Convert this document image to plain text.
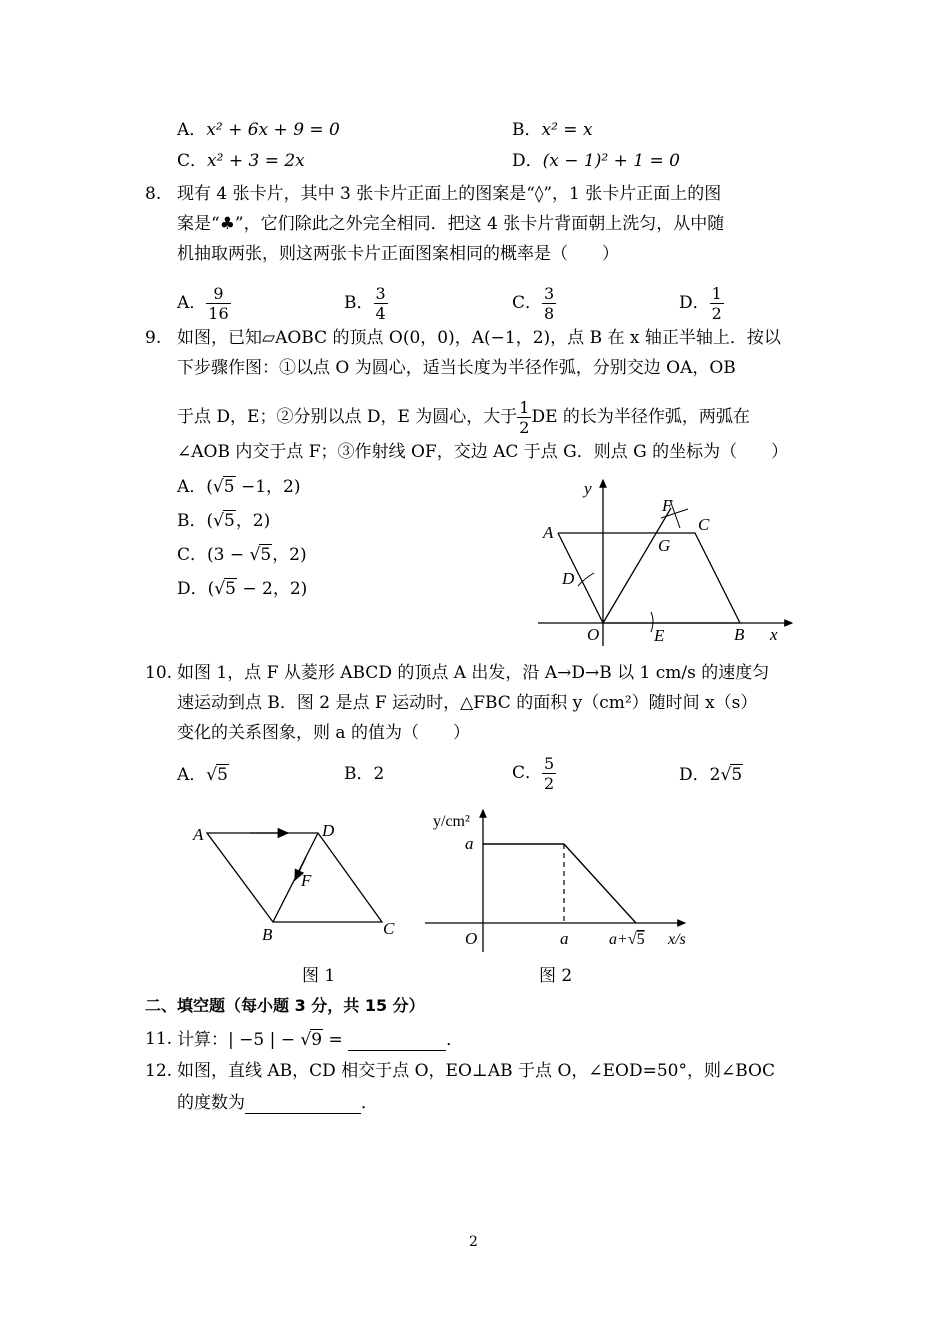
A．x² + 6x + 9 = 0	B．x² = x
C．x² + 3 = 2x	D．(x − 1)² + 1 = 0
8. 现有 4 张卡片，其中 3 张卡片正面上的图案是“◊”，1 张卡片正面上的图
案是“♣”，它们除此之外完全相同．把这 4 张卡片背面朝上洗匀，从中随
机抽取两张，则这两张卡片正面图案相同的概率是（　　）
A． $\frac{9}{16}$	B． $\frac{3}{4}$	C． $\frac{3}{8}$	D． $\frac{1}{2}$
9. 如图，已知▱AOBC 的顶点 O(0，0)，A(−1，2)，点 B 在 x 轴正半轴上．按以
下步骤作图：①以点 O 为圆心，适当长度为半径作弧，分别交边 OA，OB
于点 D，E；②分别以点 D，E 为圆心，大于 $\frac{1}{2}$ DE 的长为半径作弧，两弧在
∠AOB 内交于点 F；③作射线 OF，交边 AC 于点 G．则点 G 的坐标为（　　）
A．(√5 −1，2)
B．(√5，2)
C．(3 − √5，2)
D．(√5 − 2，2)
y
x
A	C
F
G
D
O	E	B
10. 如图 1，点 F 从菱形 ABCD 的顶点 A 出发，沿 A→D→B 以 1 cm/s 的速度匀
速运动到点 B．图 2 是点 F 运动时，△FBC 的面积 y（cm²）随时间 x（s）
变化的关系图象，则 a 的值为（　　）
A．√5	B．2	C． $\frac{5}{2}$	D．2√5
A	D
F
B	C
图 1
y/cm²
a
O	a	a+√5 x/s
图 2
二、填空题（每小题 3 分，共 15 分）
11. 计算：| −5 | − √9 =	．
12. 如图，直线 AB，CD 相交于点 O，EO⊥AB 于点 O，∠EOD=50°，则∠BOC
的度数为	．
2
